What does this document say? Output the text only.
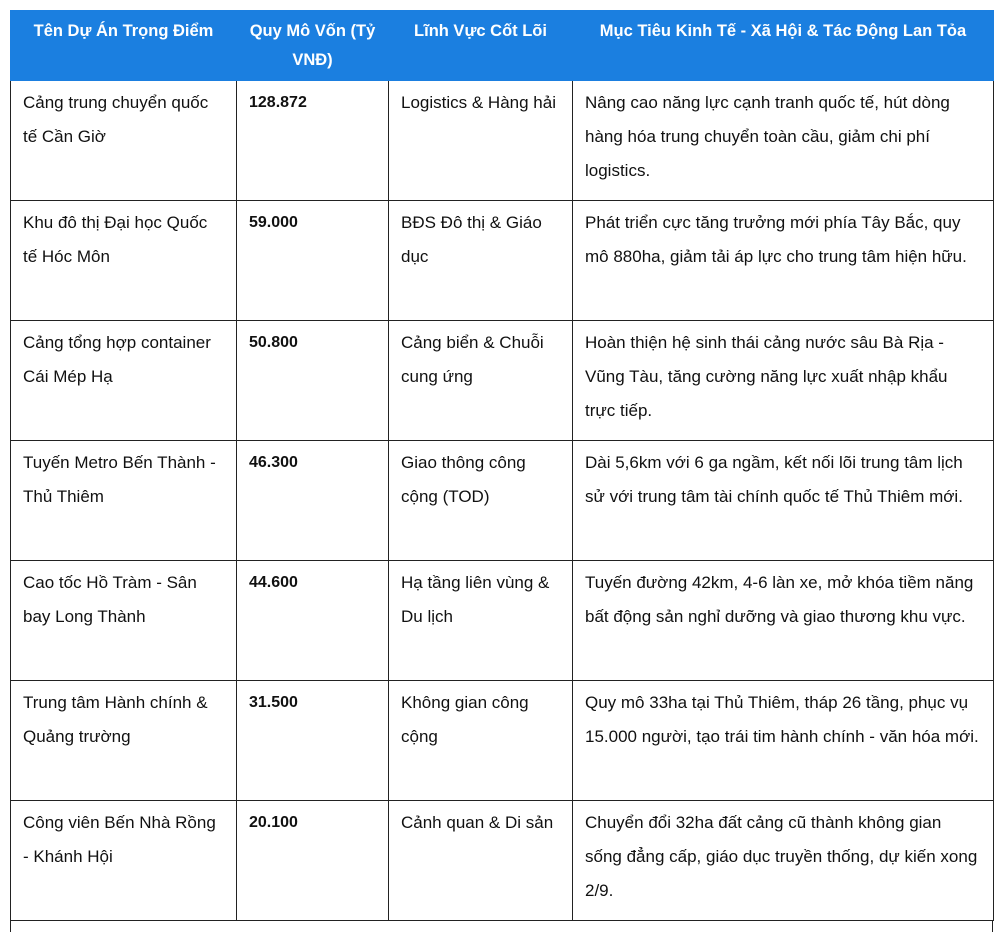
Tên Dự Án Trọng Điểm	Quy Mô Vốn (Tỷ VNĐ)	Lĩnh Vực Cốt Lõi	Mục Tiêu Kinh Tế - Xã Hội & Tác Động Lan Tỏa
Cảng trung chuyển quốc tế Cần Giờ	128.872	Logistics & Hàng hải	Nâng cao năng lực cạnh tranh quốc tế, hút dòng hàng hóa trung chuyển toàn cầu, giảm chi phí logistics.
Khu đô thị Đại học Quốc tế Hóc Môn	59.000	BĐS Đô thị & Giáo dục	Phát triển cực tăng trưởng mới phía Tây Bắc, quy mô 880ha, giảm tải áp lực cho trung tâm hiện hữu.
Cảng tổng hợp container Cái Mép Hạ	50.800	Cảng biển & Chuỗi cung ứng	Hoàn thiện hệ sinh thái cảng nước sâu Bà Rịa - Vũng Tàu, tăng cường năng lực xuất nhập khẩu trực tiếp.
Tuyến Metro Bến Thành - Thủ Thiêm	46.300	Giao thông công cộng (TOD)	Dài 5,6km với 6 ga ngầm, kết nối lõi trung tâm lịch sử với trung tâm tài chính quốc tế Thủ Thiêm mới.
Cao tốc Hồ Tràm - Sân bay Long Thành	44.600	Hạ tầng liên vùng & Du lịch	Tuyến đường 42km, 4-6 làn xe, mở khóa tiềm năng bất động sản nghỉ dưỡng và giao thương khu vực.
Trung tâm Hành chính & Quảng trường	31.500	Không gian công cộng	Quy mô 33ha tại Thủ Thiêm, tháp 26 tầng, phục vụ 15.000 người, tạo trái tim hành chính - văn hóa mới.
Công viên Bến Nhà Rồng - Khánh Hội	20.100	Cảnh quan & Di sản	Chuyển đổi 32ha đất cảng cũ thành không gian sống đẳng cấp, giáo dục truyền thống, dự kiến xong 2/9.
